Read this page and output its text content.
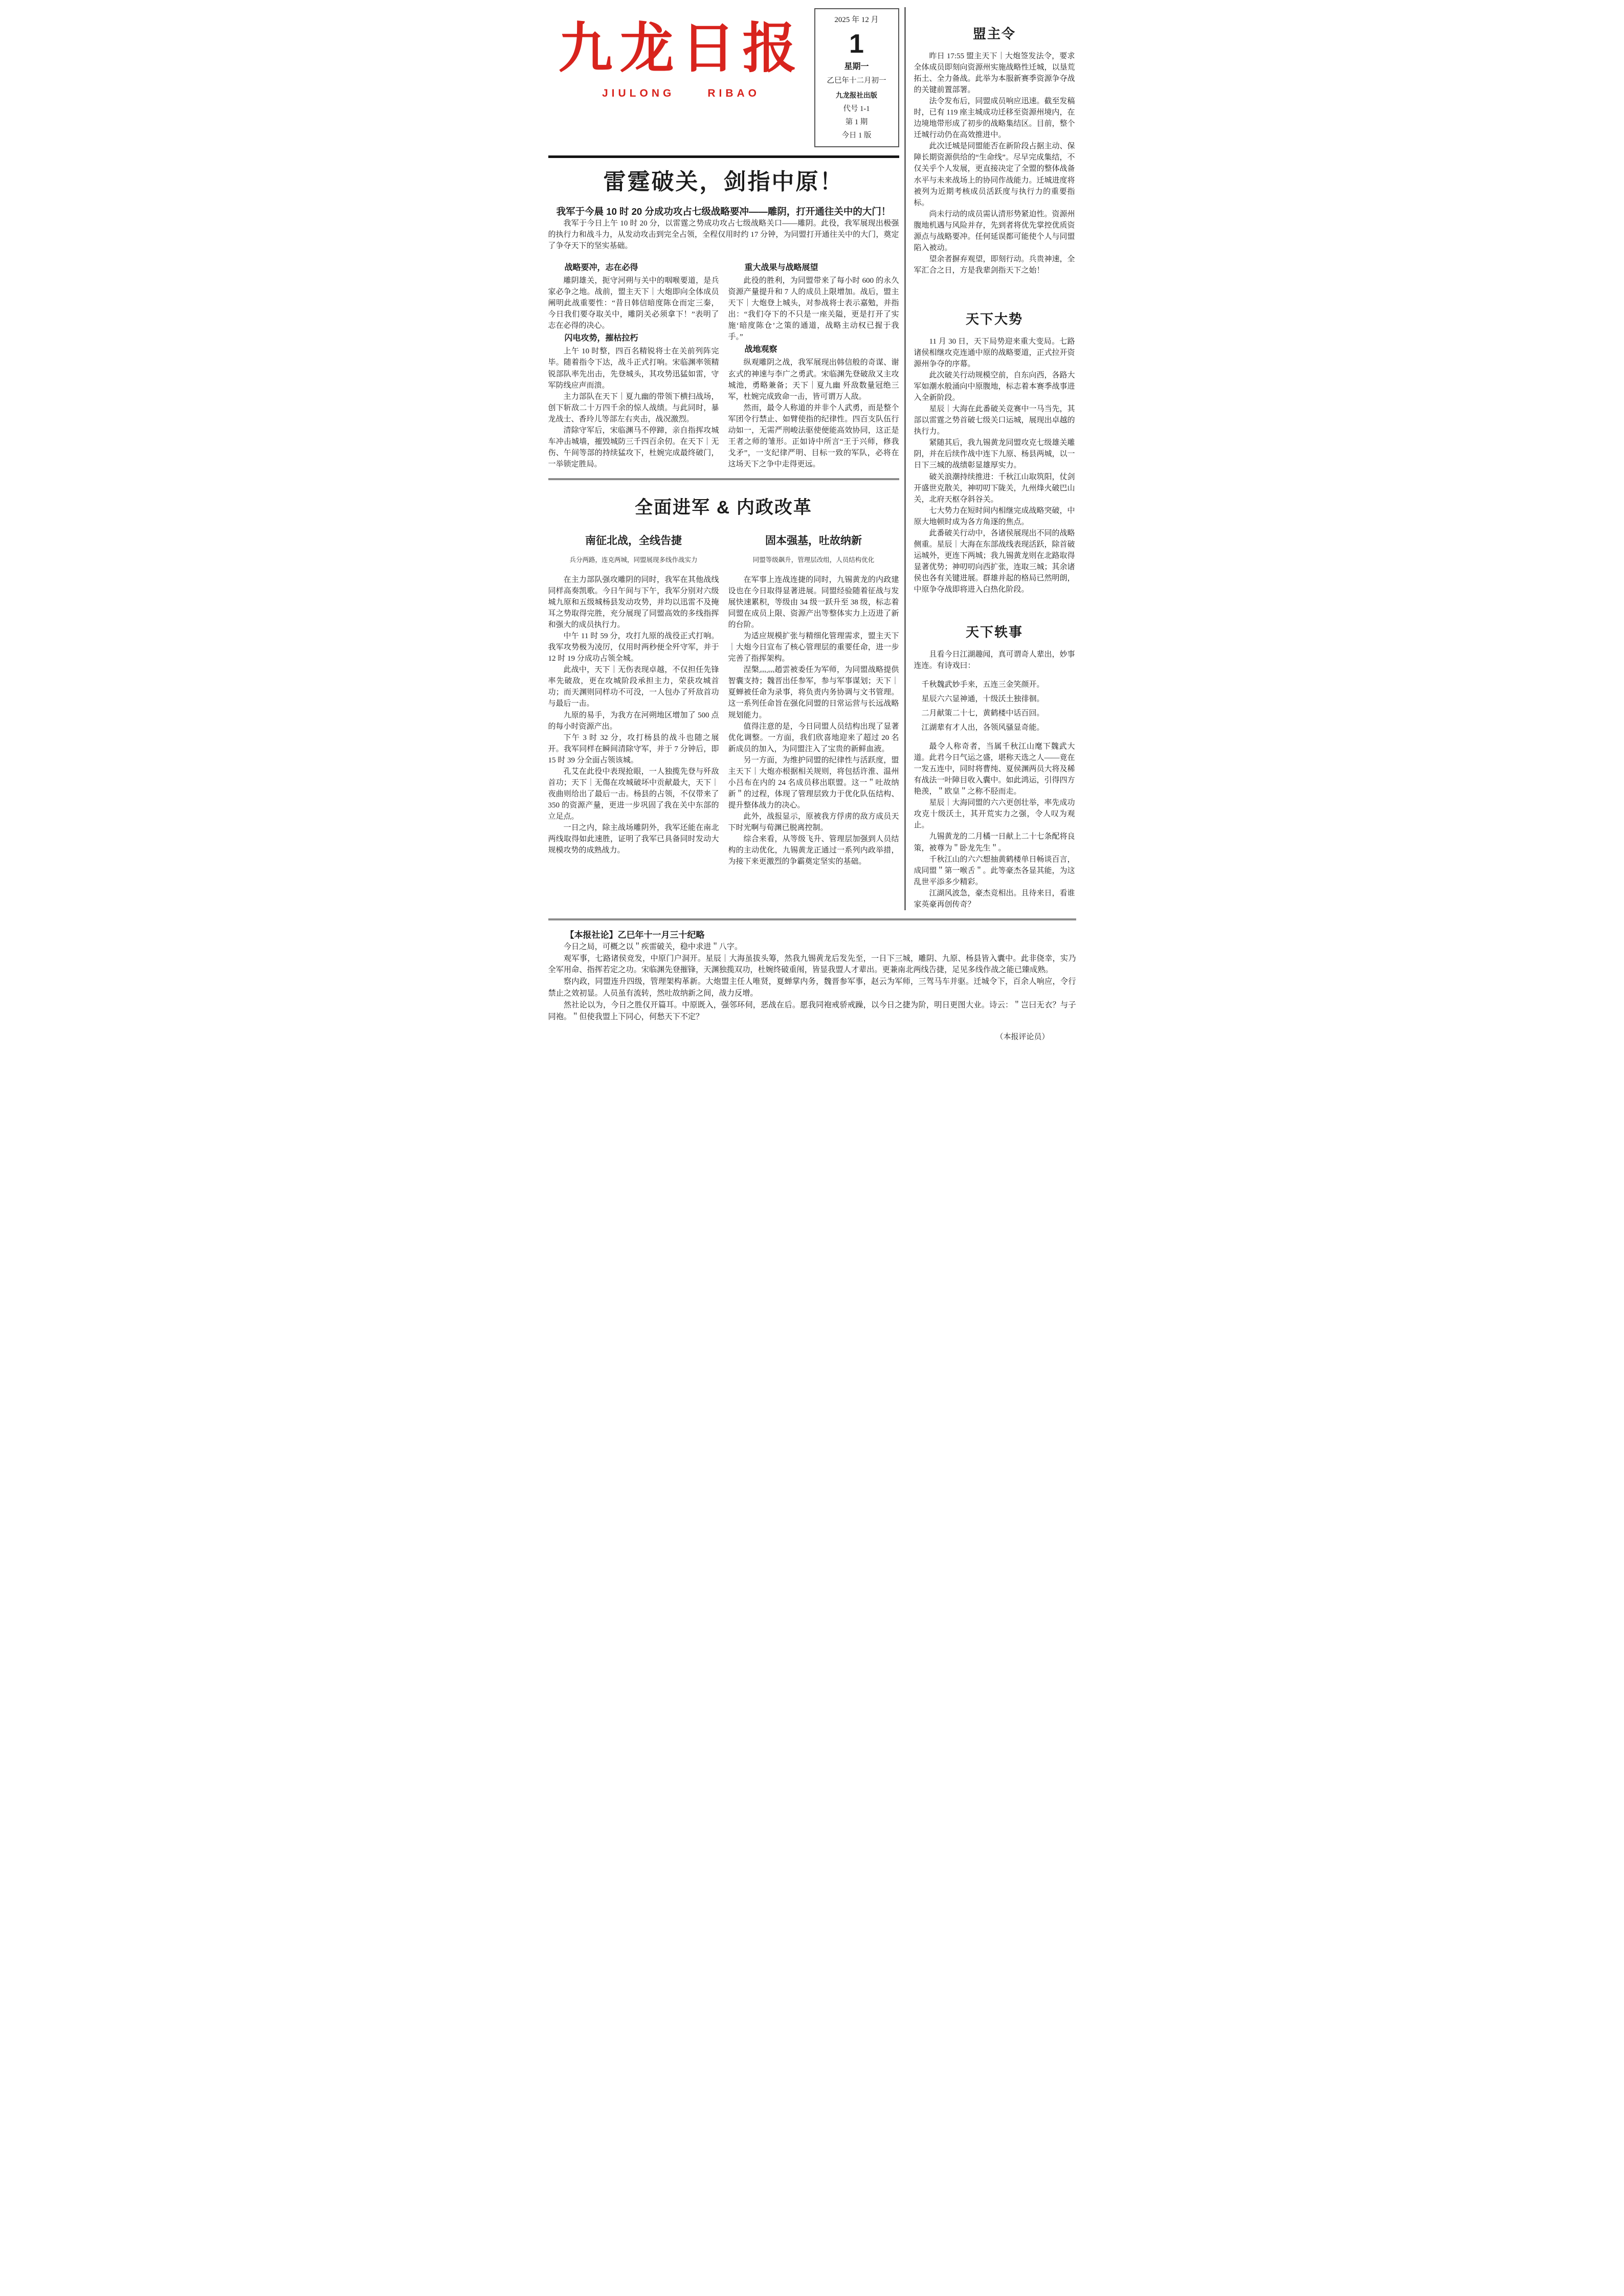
九龙日报
JIULONG	RIBAO
2025 年 12 月
1
星期一
乙巳年十二月初一
九龙报社出版
代号 1-1
第 1 期
今日 1 版
雷霆破关，剑指中原！
我军于今晨 10 时 20 分成功攻占七级战略要冲——雕阴，打开通往关中的大门！

我军于今日上午 10 时 20 分，以雷霆之势成功攻占七级战略关口——雕阴。此役，我军展现出极强的执行力和战斗力，从发动攻击到完全占领，全程仅用时约 17 分钟，为同盟打开通往关中的大门，奠定了争夺天下的坚实基础。

战略要冲，志在必得

雕阴雄关，扼守河朔与关中的咽喉要道，是兵家必争之地。战前，盟主天下｜大炮即向全体成员阐明此战重要性：“昔日韩信暗度陈仓而定三秦，今日我们要夺取关中，雕阴关必须拿下！”表明了志在必得的决心。

闪电攻势，摧枯拉朽

上午 10 时整，四百名精锐将士在关前列阵完毕。随着指令下达，战斗正式打响。宋临渊率领精锐部队率先出击，先登城头，其攻势迅猛如雷，守军防线应声而溃。

主力部队在天下｜夏九幽的带领下横扫战场，创下斩敌二十万四千余的惊人战绩。与此同时，暴龙战士、香玲儿等部左右夹击，战况激烈。

清除守军后，宋临渊马不停蹄，亲自指挥攻城车冲击城墙，摧毁城防三千四百余仞。在天下｜无伤、午间等部的持续猛攻下，杜婉完成最终破门，一举锁定胜局。

重大战果与战略展望

此役的胜利，为同盟带来了每小时 600 的永久资源产量提升和 7 人的成员上限增加。战后，盟主天下｜大炮登上城头，对参战将士表示嘉勉，并指出：“我们夺下的不只是一座关隘，更是打开了实施‘暗度陈仓’之策的通道，战略主动权已握于我手。”

战地观察

纵观雕阴之战，我军展现出韩信般的奇谋、谢玄式的神速与李广之勇武。宋临渊先登破敌又主攻城池，勇略兼备；天下｜夏九幽 歼敌数量冠绝三军，杜婉完成致命一击，皆可谓万人敌。

然而，最令人称道的并非个人武勇，而是整个军团令行禁止、如臂使指的纪律性。四百支队伍行动如一，无需严刑峻法驱使便能高效协同，这正是王者之师的雏形。正如诗中所言“王于兴师，修我戈矛”，一支纪律严明、目标一致的军队，必将在这场天下之争中走得更远。

全面进军 & 内政改革
南征北战，全线告捷
兵分两路，连克两城，同盟展现多线作战实力

在主力部队强攻雕阴的同时，我军在其他战线同样高奏凯歌。今日午间与下午，我军分别对六级城九原和五级城杨县发动攻势，并均以迅雷不及掩耳之势取得完胜，充分展现了同盟高效的多线指挥和强大的成员执行力。

中午 11 时 59 分，攻打九原的战役正式打响。我军攻势极为凌厉，仅用时两秒便全歼守军，并于 12 时 19 分成功占领全城。

此战中，天下｜无伤表现卓越，不仅担任先锋率先破敌，更在攻城阶段承担主力，荣获攻城首功；而天渊则同样功不可没，一人包办了歼敌首功与最后一击。

九原的易手，为我方在河朔地区增加了 500 点的每小时资源产出。

下午 3 时 32 分，攻打杨县的战斗也随之展开。我军同样在瞬间清除守军，并于 7 分钟后，即 15 时 39 分全面占领该城。

孔艾在此役中表现抢眼，一人独揽先登与歼敌首功；天下｜无傷在攻城破坏中贡献最大，天下｜夜曲则给出了最后一击。杨县的占领，不仅带来了 350 的资源产量，更进一步巩固了我在关中东部的立足点。

一日之内，除主战场雕阴外，我军还能在南北两线取得如此速胜，证明了我军已具备同时发动大规模攻势的成熟战力。

固本强基，吐故纳新
同盟等级飙升，管理层改组，人员结构优化

在军事上连战连捷的同时，九锡黄龙的内政建设也在今日取得显著进展。同盟经验随着征战与发展快速累积，等级由 34 级一跃升至 38 级，标志着同盟在成员上限、资源产出等整体实力上迈进了新的台阶。

为适应规模扩张与精细化管理需求，盟主天下｜大炮今日宣布了核心管理层的重要任命，进一步完善了指挥架构。

涅槃灬灬趙雲被委任为军师，为同盟战略提供智囊支持；魏晋出任参军，参与军事谋划；天下｜夏蝉被任命为录事，将负责内务协调与文书管理。这一系列任命旨在强化同盟的日常运营与长远战略规划能力。

值得注意的是，今日同盟人员结构出现了显著优化调整。一方面，我们欣喜地迎来了超过 20 名新成员的加入，为同盟注入了宝贵的新鲜血液。

另一方面，为维护同盟的纪律性与活跃度，盟主天下｜大炮亦根据相关规则，将包括许淮、温州小吕布在内的 24 名成员移出联盟。这一＂吐故纳新＂的过程，体现了管理层致力于优化队伍结构、提升整体战力的决心。

此外，战报显示，原被我方俘虏的敌方成员天下时光啊与荀渊已脱离控制。

综合来看，从等级飞升、管理层加强到人员结构的主动优化，九锡黄龙正通过一系列内政举措，为接下来更激烈的争霸奠定坚实的基础。

盟主令

昨日 17:55 盟主天下｜大炮签发法令，要求全体成员即刻向资源州实施战略性迁城，以垦荒拓土、全力备战。此举为本服新赛季资源争夺战的关键前置部署。

法令发布后，同盟成员响应迅速。截至发稿时，已有 119 座主城成功迁移至资源州境内，在边境地带形成了初步的战略集结区。目前，整个迁城行动仍在高效推进中。

此次迁城是同盟能否在新阶段占据主动、保障长期资源供给的“生命线”。尽早完成集结，不仅关乎个人发展，更直接决定了全盟的整体战备水平与未来战场上的协同作战能力。迁城进度将被列为近期考核成员活跃度与执行力的重要指标。

尚未行动的成员需认清形势紧迫性。资源州腹地机遇与风险并存，先到者将优先掌控优质资源点与战略要冲。任何延误都可能使个人与同盟陷入被动。

望余者摒弃观望，即刻行动。兵贵神速，全军汇合之日，方是我辈剑指天下之始！

天下大势

11 月 30 日，天下局势迎来重大变局。七路诸侯相继攻克连通中原的战略要道，正式拉开资源州争夺的序幕。

此次破关行动规模空前，自东向西，各路大军如潮水般涌向中原腹地，标志着本赛季战事进入全新阶段。

星辰｜大海在此番破关竞赛中一马当先，其部以雷霆之势首破七级关口运城，展现出卓越的执行力。

紧随其后，我九锡黄龙同盟攻克七级雄关雕阴，并在后续作战中连下九原、杨县两城，以一日下三城的战绩彰显雄厚实力。

破关浪潮持续推进：千秋江山取筑阳，仗剑开盛世克散关，神叨叨下陇关，九州烽火破巴山关，北府天枢夺斜谷关。

七大势力在短时间内相继完成战略突破，中原大地顿时成为各方角逐的焦点。

此番破关行动中，各诸侯展现出不同的战略侧重。星辰｜大海在东部战线表现活跃，除首破运城外，更连下两城；我九锡黄龙则在北路取得显著优势；神叨叨向西扩张，连取三城；其余诸侯也各有关键进展。群雄并起的格局已然明朗，中原争夺战即将进入白热化阶段。

天下轶事

且看今日江湖趣闻，真可谓奇人辈出，妙事连连。有诗戏曰：

千秋魏武妙手来，五连三金笑颜开。

星辰六六显神通，十级沃土独徘徊。

二月献策二十七，黄鹤楼中话百回。

江湖辈有才人出，各领风骚显奇能。

最令人称奇者，当属千秋江山麾下魏武大道。此君今日气运之盛，堪称天选之人——竟在一发五连中，同时将曹纯、夏侯渊两员大将及稀有战法一叶障目收入囊中。如此鸿运，引得四方艳羡，＂欧皇＂之称不胫而走。

星辰｜大海同盟的六六更创壮举，率先成功攻克十级沃土，其开荒实力之强，令人叹为观止。

九锡黄龙的二月橘一日献上二十七条配将良策，被尊为＂卧龙先生＂。

千秋江山的六六想抽黄鹤楼单日畅谈百言，成同盟＂第一喉舌＂。此等豪杰各显其能，为这乱世平添多少精彩。

江湖风波急，豪杰竞相出。且待来日，看谁家英豪再创传奇？

【本报社论】乙巳年十一月三十纪略

今日之局，可概之以＂疾雷破关，稳中求进＂八字。

观军事，七路诸侯竞发，中原门户洞开。星辰｜大海虽拔头筹，然我九锡黄龙后发先至，一日下三城，雕阴、九原、杨县皆入囊中。此非侥幸，实乃全军用命、指挥若定之功。宋临渊先登摧锋，天渊独揽双功，杜婉终破重闱，皆显我盟人才辈出。更兼南北两线告捷，足见多线作战之能已臻成熟。

察内政，同盟连升四级，管理架构革新。大炮盟主任人唯贤，夏蝉掌内务，魏晋参军事，赵云为军师，三驾马车并驱。迁城令下，百余人响应，令行禁止之效初显。人员虽有流转，然吐故纳新之间，战力反增。

然社论以为，今日之胜仅开篇耳。中原既入，强邻环伺，恶战在后。愿我同袍戒骄戒躁，以今日之捷为阶，明日更图大业。诗云：＂岂曰无衣？与子同袍。＂但使我盟上下同心，何愁天下不定？

（本报评论员）
